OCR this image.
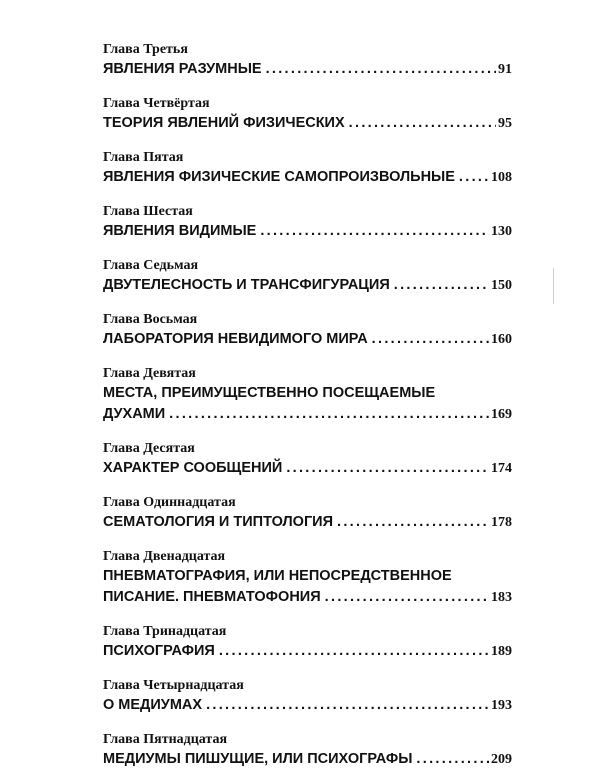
Глава Третья
ЯВЛЕНИЯ РАЗУМНЫЕ .....	91
Глава Четвёртая
ТЕОРИЯ ЯВЛЕНИЙ ФИЗИЧЕСКИХ .....	95
Глава Пятая
ЯВЛЕНИЯ ФИЗИЧЕСКИЕ САМОПРОИЗВОЛЬНЫЕ .....	108
Глава Шестая
ЯВЛЕНИЯ ВИДИМЫЕ .....	130
Глава Седьмая
ДВУТЕЛЕСНОСТЬ И ТРАНСФИГУРАЦИЯ .....	150
Глава Восьмая
ЛАБОРАТОРИЯ НЕВИДИМОГО МИРА .....	160
Глава Девятая
МЕСТА, ПРЕИМУЩЕСТВЕННО ПОСЕЩАЕМЫЕ
ДУХАМИ .....	169
Глава Десятая
ХАРАКТЕР СООБЩЕНИЙ .....	174
Глава Одиннадцатая
СЕМАТОЛОГИЯ И ТИПТОЛОГИЯ .....	178
Глава Двенадцатая
ПНЕВМАТОГРАФИЯ, ИЛИ НЕПОСРЕДСТВЕННОЕ
ПИСАНИЕ. ПНЕВМАТОФОНИЯ .....	183
Глава Тринадцатая
ПСИХОГРАФИЯ .....	189
Глава Четырнадцатая
О МЕДИУМАХ .....	193
Глава Пятнадцатая
МЕДИУМЫ ПИШУЩИЕ, ИЛИ ПСИХОГРАФЫ .....	209
